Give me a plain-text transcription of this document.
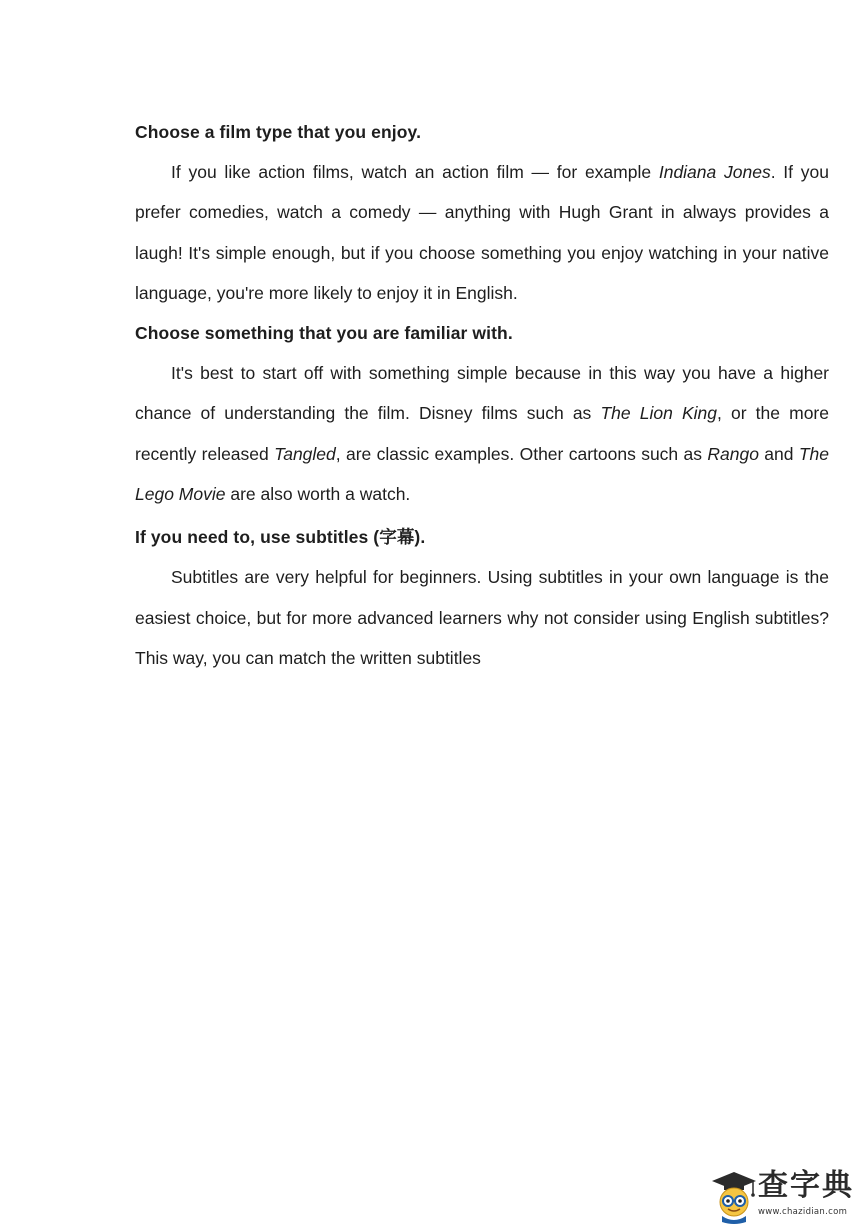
Choose a film type that you enjoy.

If you like action films, watch an action film — for example Indiana Jones. If you prefer comedies, watch a comedy — anything with Hugh Grant in always provides a laugh! It's simple enough, but if you choose something you enjoy watching in your native language, you're more likely to enjoy it in English.

Choose something that you are familiar with.

It's best to start off with something simple because in this way you have a higher chance of understanding the film. Disney films such as The Lion King, or the more recently released Tangled, are classic examples. Other cartoons such as Rango and The Lego Movie are also worth a watch.

If you need to, use subtitles (字幕).

Subtitles are very helpful for beginners. Using subtitles in your own language is the easiest choice, but for more advanced learners why not consider using English subtitles? This way, you can match the written subtitles

查字典
www.chazidian.com
